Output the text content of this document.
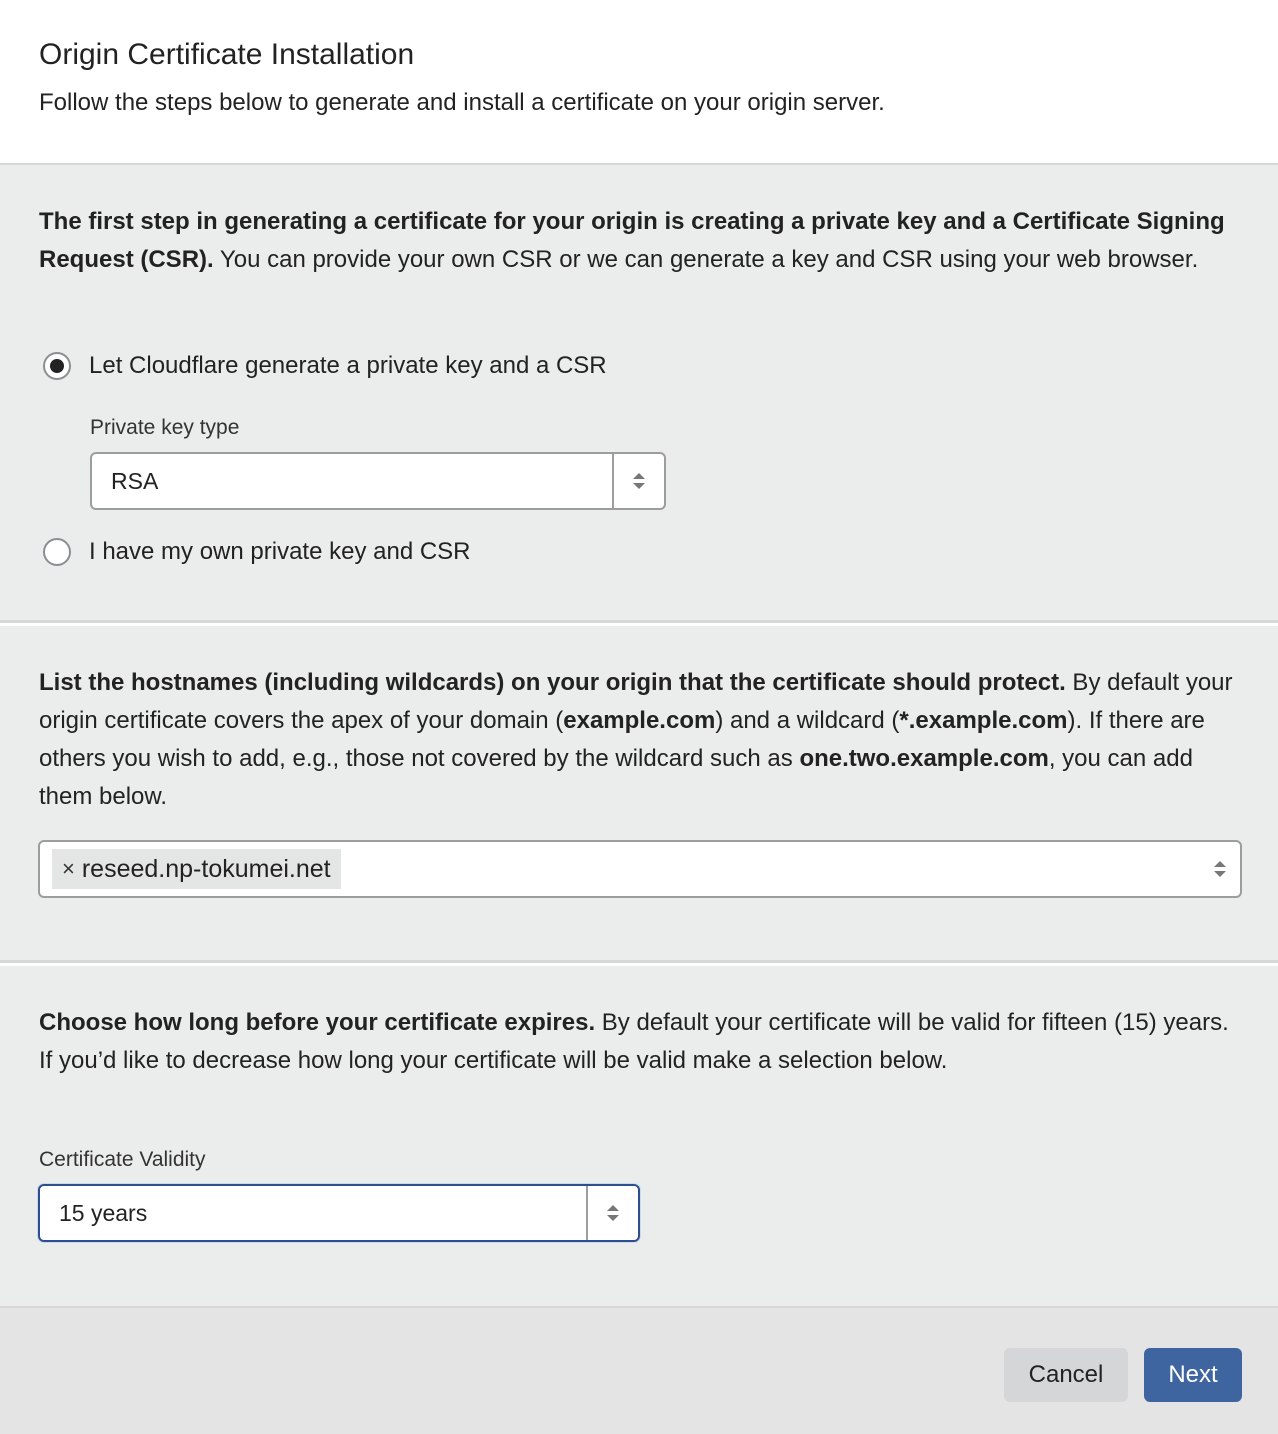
Origin Certificate Installation

Follow the steps below to generate and install a certificate on your origin server.

The first step in generating a certificate for your origin is creating a private key and a Certificate Signing Request (CSR). You can provide your own CSR or we can generate a key and CSR using your web browser.

Let Cloudflare generate a private key and a CSR
Private key type
RSA
I have my own private key and CSR

List the hostnames (including wildcards) on your origin that the certificate should protect. By default your origin certificate covers the apex of your domain (example.com) and a wildcard (*.example.com). If there are others you wish to add, e.g., those not covered by the wildcard such as one.two.example.com, you can add them below.

× reseed.np-tokumei.net

Choose how long before your certificate expires. By default your certificate will be valid for fifteen (15) years. If you’d like to decrease how long your certificate will be valid make a selection below.

Certificate Validity
15 years
Cancel	Next
